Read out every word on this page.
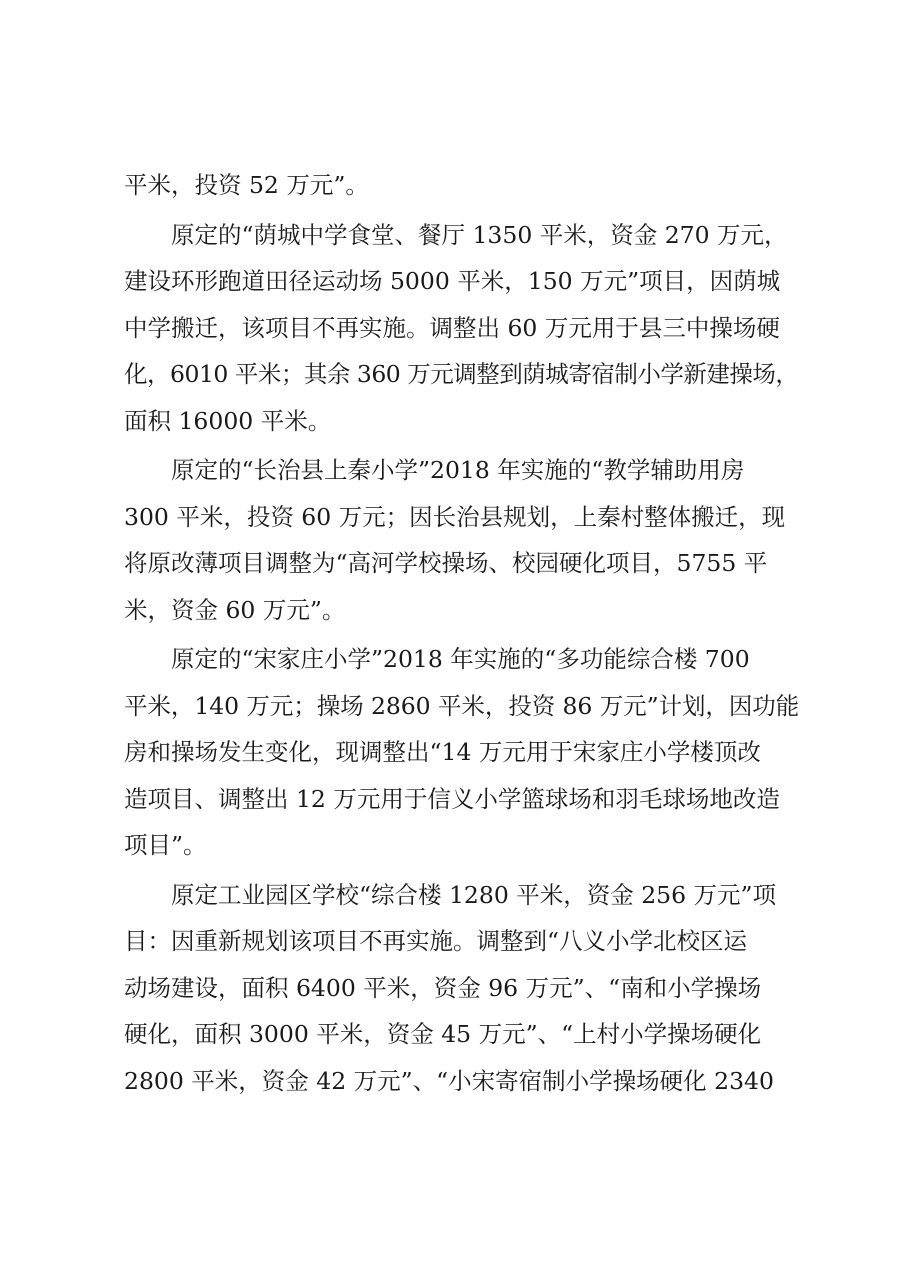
平米，投资 52 万元”。
原定的“荫城中学食堂、餐厅 1350 平米，资金 270 万元，
建设环形跑道田径运动场 5000 平米，150 万元”项目，因荫城
中学搬迁，该项目不再实施。调整出 60 万元用于县三中操场硬
化，6010 平米；其余 360 万元调整到荫城寄宿制小学新建操场，
面积 16000 平米。
原定的“长治县上秦小学”2018 年实施的“教学辅助用房
300 平米，投资 60 万元；因长治县规划，上秦村整体搬迁，现
将原改薄项目调整为“高河学校操场、校园硬化项目，5755 平
米，资金 60 万元”。
原定的“宋家庄小学”2018 年实施的“多功能综合楼 700
平米，140 万元；操场 2860 平米，投资 86 万元”计划，因功能
房和操场发生变化，现调整出“14 万元用于宋家庄小学楼顶改
造项目、调整出 12 万元用于信义小学篮球场和羽毛球场地改造
项目”。
原定工业园区学校“综合楼 1280 平米，资金 256 万元”项
目：因重新规划该项目不再实施。调整到“八义小学北校区运
动场建设，面积 6400 平米，资金 96 万元”、“南和小学操场
硬化，面积 3000 平米，资金 45 万元”、“上村小学操场硬化
2800 平米，资金 42 万元”、“小宋寄宿制小学操场硬化 2340
